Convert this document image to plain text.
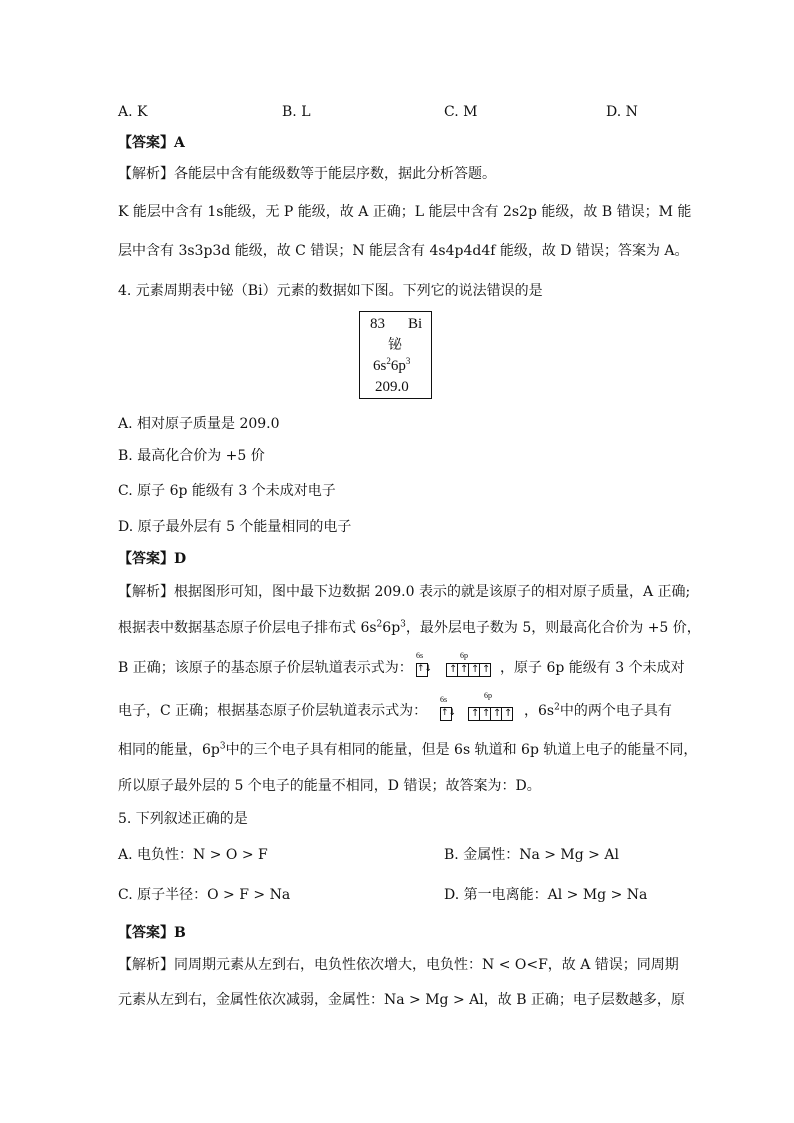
A. K	B. L	C. M	D. N
【答案】A
【解析】各能层中含有能级数等于能层序数，据此分析答题。
K 能层中含有 1s能级，无 P 能级，故 A 正确；L 能层中含有 2s2p 能级，故 B 错误；M 能
层中含有 3s3p3d 能级，故 C 错误；N 能层含有 4s4p4d4f 能级，故 D 错误；答案为 A。
4. 元素周期表中铋（Bi）元素的数据如下图。下列它的说法错误的是
83 Bi
铋
$6s^26p^3$
209.0
A. 相对原子质量是 209.0
B. 最高化合价为 +5 价
C. 原子 6p 能级有 3 个未成对电子
D. 原子最外层有 5 个能量相同的电子
【答案】D
【解析】根据图形可知，图中最下边数据 209.0 表示的就是该原子的相对原子质量，A 正确;
根据表中数据基态原子价层电子排布式 $6s^26p^3$，最外层电子数为 5，则最高化合价为 +5 价，
B 正确；该原子的基态原子价层轨道表示式为：
6s	6p
↑↓ ↑ ↑ ↑ ↑ ，原子 6p 能级有 3 个未成对
电子，C 正确；根据基态原子价层轨道表示式为：
6s	6p
↑↓ ↑ ↑ ↑ ↑ ，$6s^2$中的两个电子具有
相同的能量，$6p^3$中的三个电子具有相同的能量，但是 6s 轨道和 6p 轨道上电子的能量不同，
所以原子最外层的 5 个电子的能量不相同，D 错误；故答案为：D。
5. 下列叙述正确的是
A. 电负性：N > O > F	B. 金属性：Na > Mg > Al
C. 原子半径：O > F > Na	D. 第一电离能：Al > Mg > Na
【答案】B
【解析】同周期元素从左到右，电负性依次增大，电负性：N < O<F，故 A 错误；同周期
元素从左到右，金属性依次减弱，金属性：Na > Mg > Al，故 B 正确；电子层数越多，原
